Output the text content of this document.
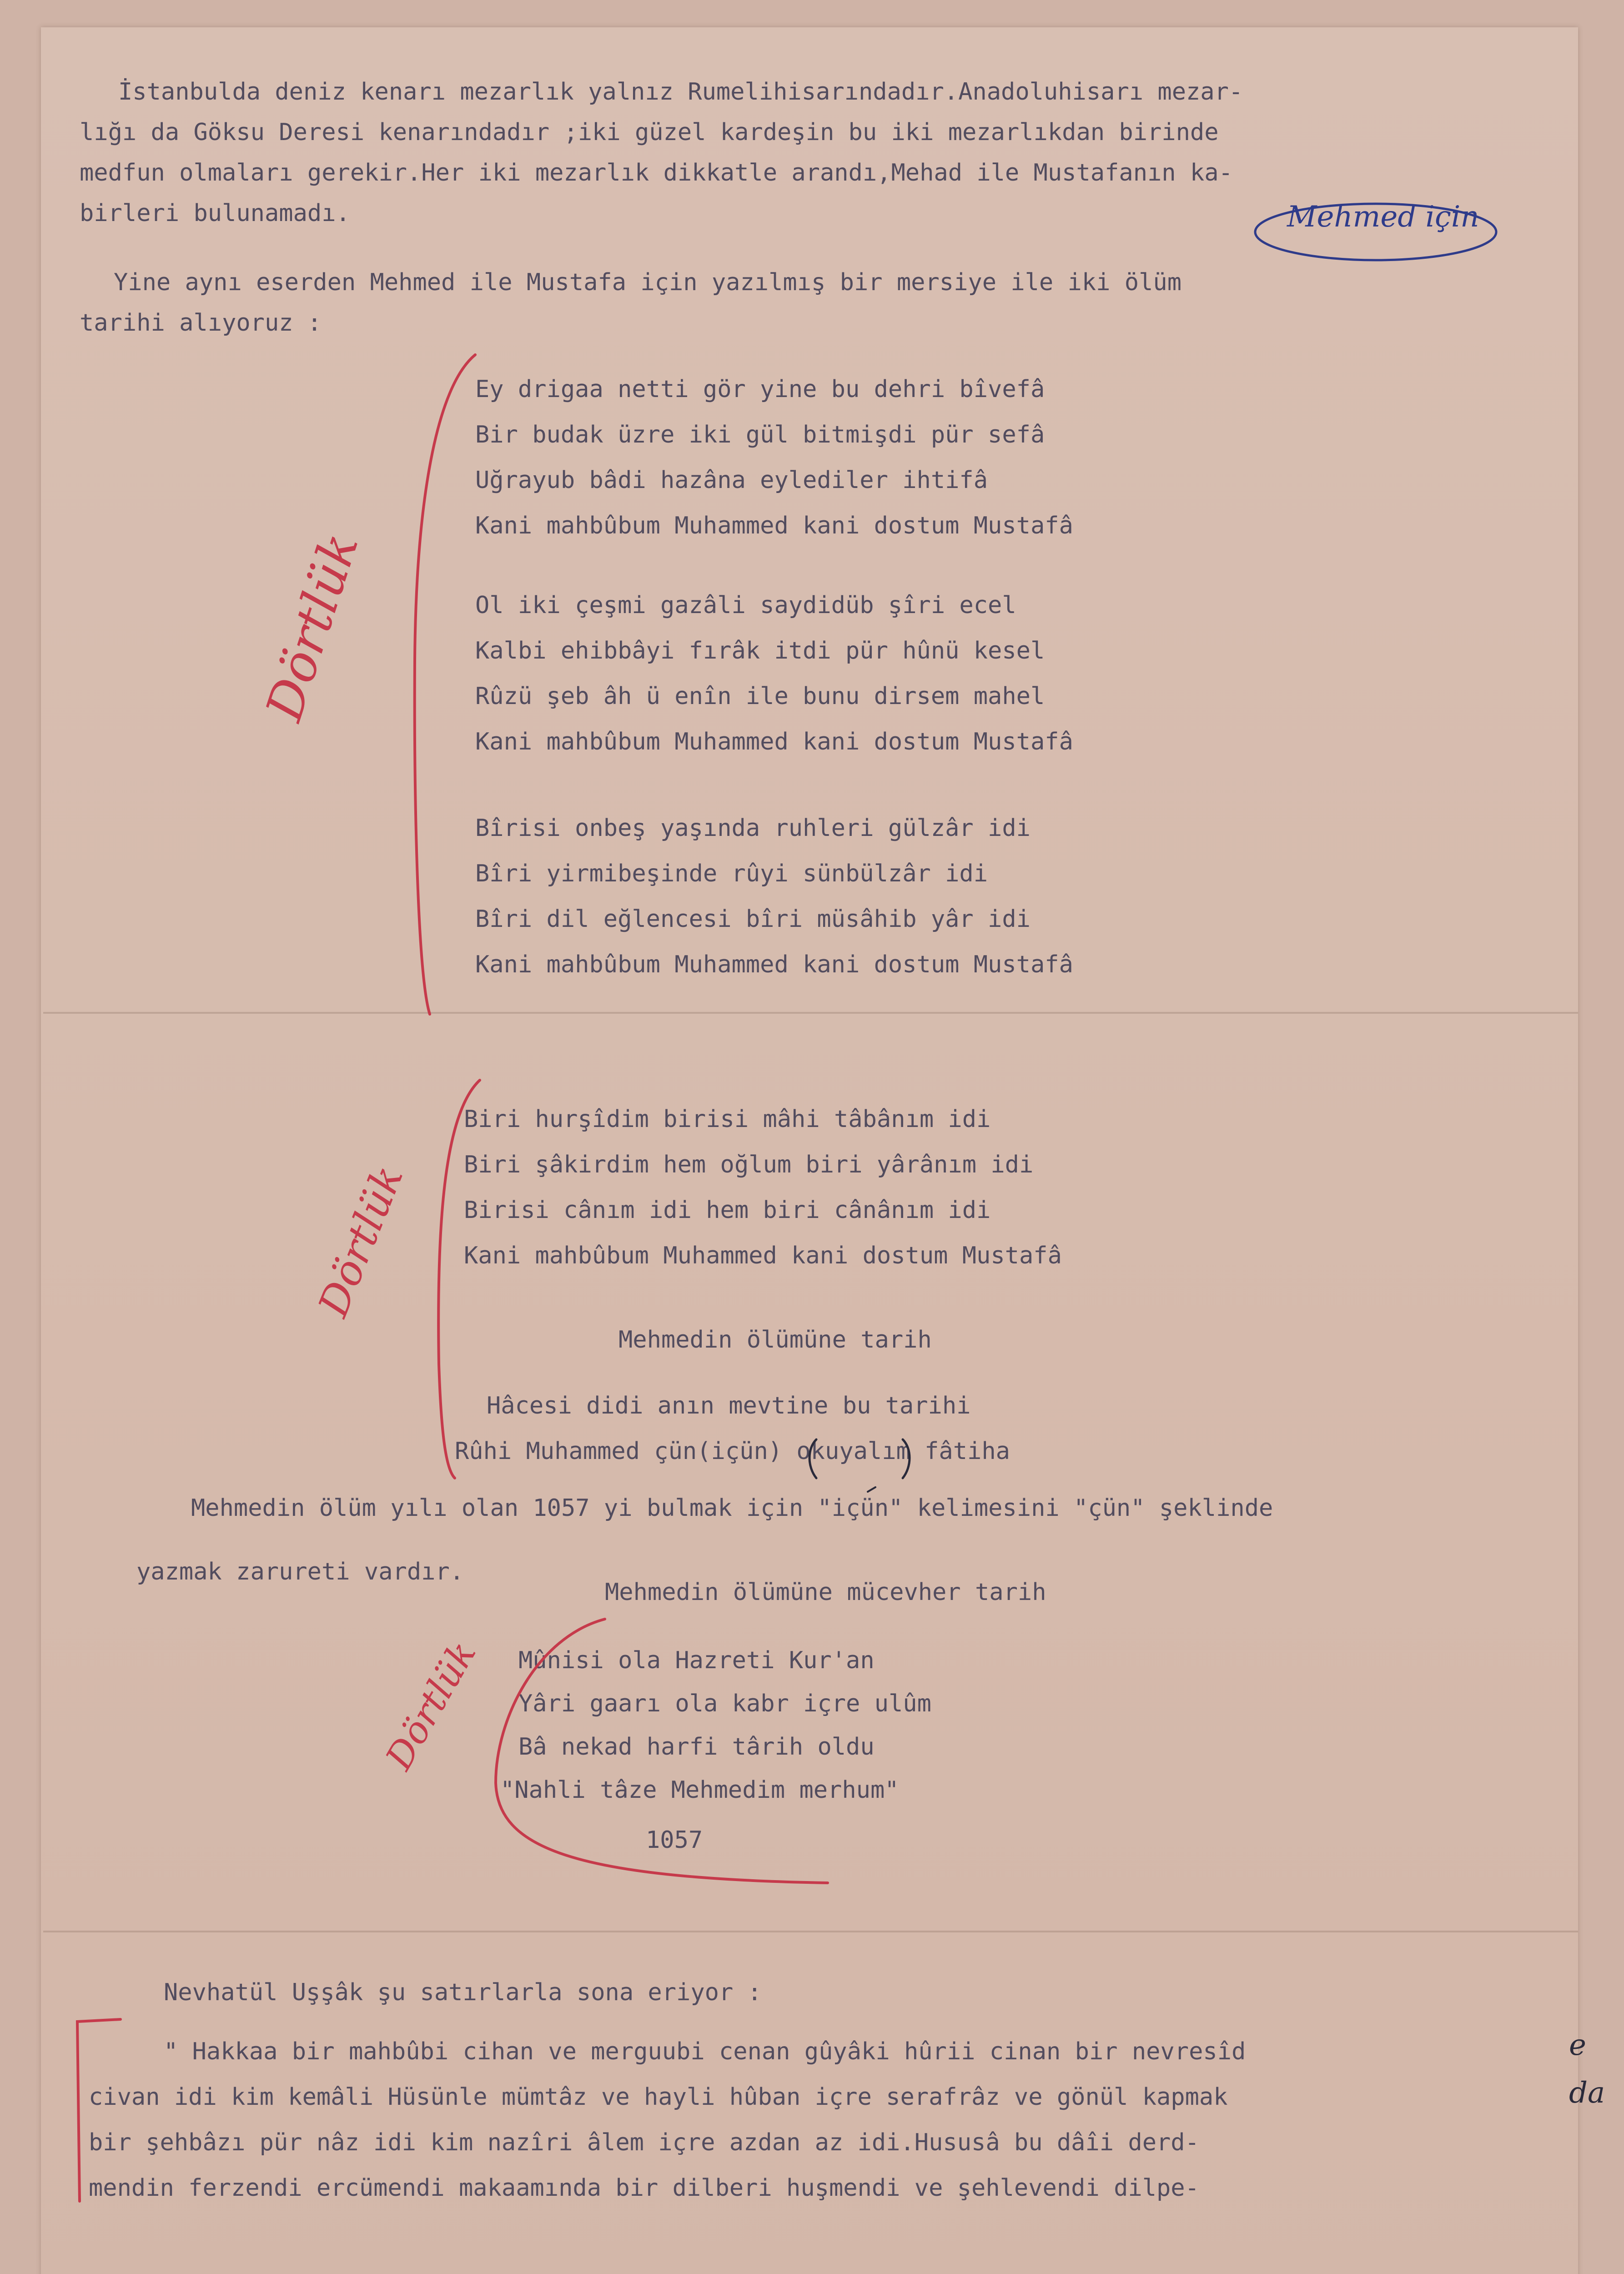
İstanbulda deniz kenarı mezarlık yalnız Rumelihisarındadır.Anadoluhisarı mezar-
lığı da Göksu Deresi kenarındadır ;iki güzel kardeşin bu iki mezarlıkdan birinde
medfun olmaları gerekir.Her iki mezarlık dikkatle arandı,Mehad ile Mustafanın ka-
birleri bulunamadı.	Mehmed için
Yine aynı eserden Mehmed ile Mustafa için yazılmış bir mersiye ile iki ölüm
tarihi alıyoruz :
Ey drigaa netti gör yine bu dehri bîvefâ
Bir budak üzre iki gül bitmişdi pür sefâ
Uğrayub bâdi hazâna eylediler ihtifâ
Kani mahbûbum Muhammed kani dostum Mustafâ
Ol iki çeşmi gazâli saydidüb şîri ecel
Kalbi ehibbâyi fırâk itdi pür hûnü kesel
Rûzü şeb âh ü enîn ile bunu dirsem mahel
Kani mahbûbum Muhammed kani dostum Mustafâ
Bîrisi onbeş yaşında ruhleri gülzâr idi
Bîri yirmibeşinde rûyi sünbülzâr idi
Bîri dil eğlencesi bîri müsâhib yâr idi
Kani mahbûbum Muhammed kani dostum Mustafâ
Biri hurşîdim birisi mâhi tâbânım idi
Biri şâkirdim hem oğlum biri yârânım idi
Birisi cânım idi hem biri cânânım idi
Kani mahbûbum Muhammed kani dostum Mustafâ
Mehmedin ölümüne tarih
Hâcesi didi anın mevtine bu tarihi
Rûhi Muhammed çün(içün) okuyalım fâtiha
Mehmedin ölüm yılı olan 1057 yi bulmak için "içün" kelimesini "çün" şeklinde
yazmak zarureti vardır.
Mehmedin ölümüne mücevher tarih
Mûnisi ola Hazreti Kur'an
Yâri gaarı ola kabr içre ulûm
Bâ nekad harfi târih oldu
"Nahli tâze Mehmedim merhum"
1057
Nevhatül Uşşâk şu satırlarla sona eriyor :
" Hakkaa bir mahbûbi cihan ve merguubi cenan gûyâki hûrii cinan bir nevresîd
civan idi kim kemâli Hüsünle mümtâz ve hayli hûban içre serafrâz ve gönül kapmak
bir şehbâzı pür nâz idi kim nazîri âlem içre azdan az idi.Hususâ bu dâîi derd-
mendin ferzendi ercümendi makaamında bir dilberi huşmendi ve şehlevendi dilpe-
Dörtlük
Dörtlük
Dörtlük
e
da
